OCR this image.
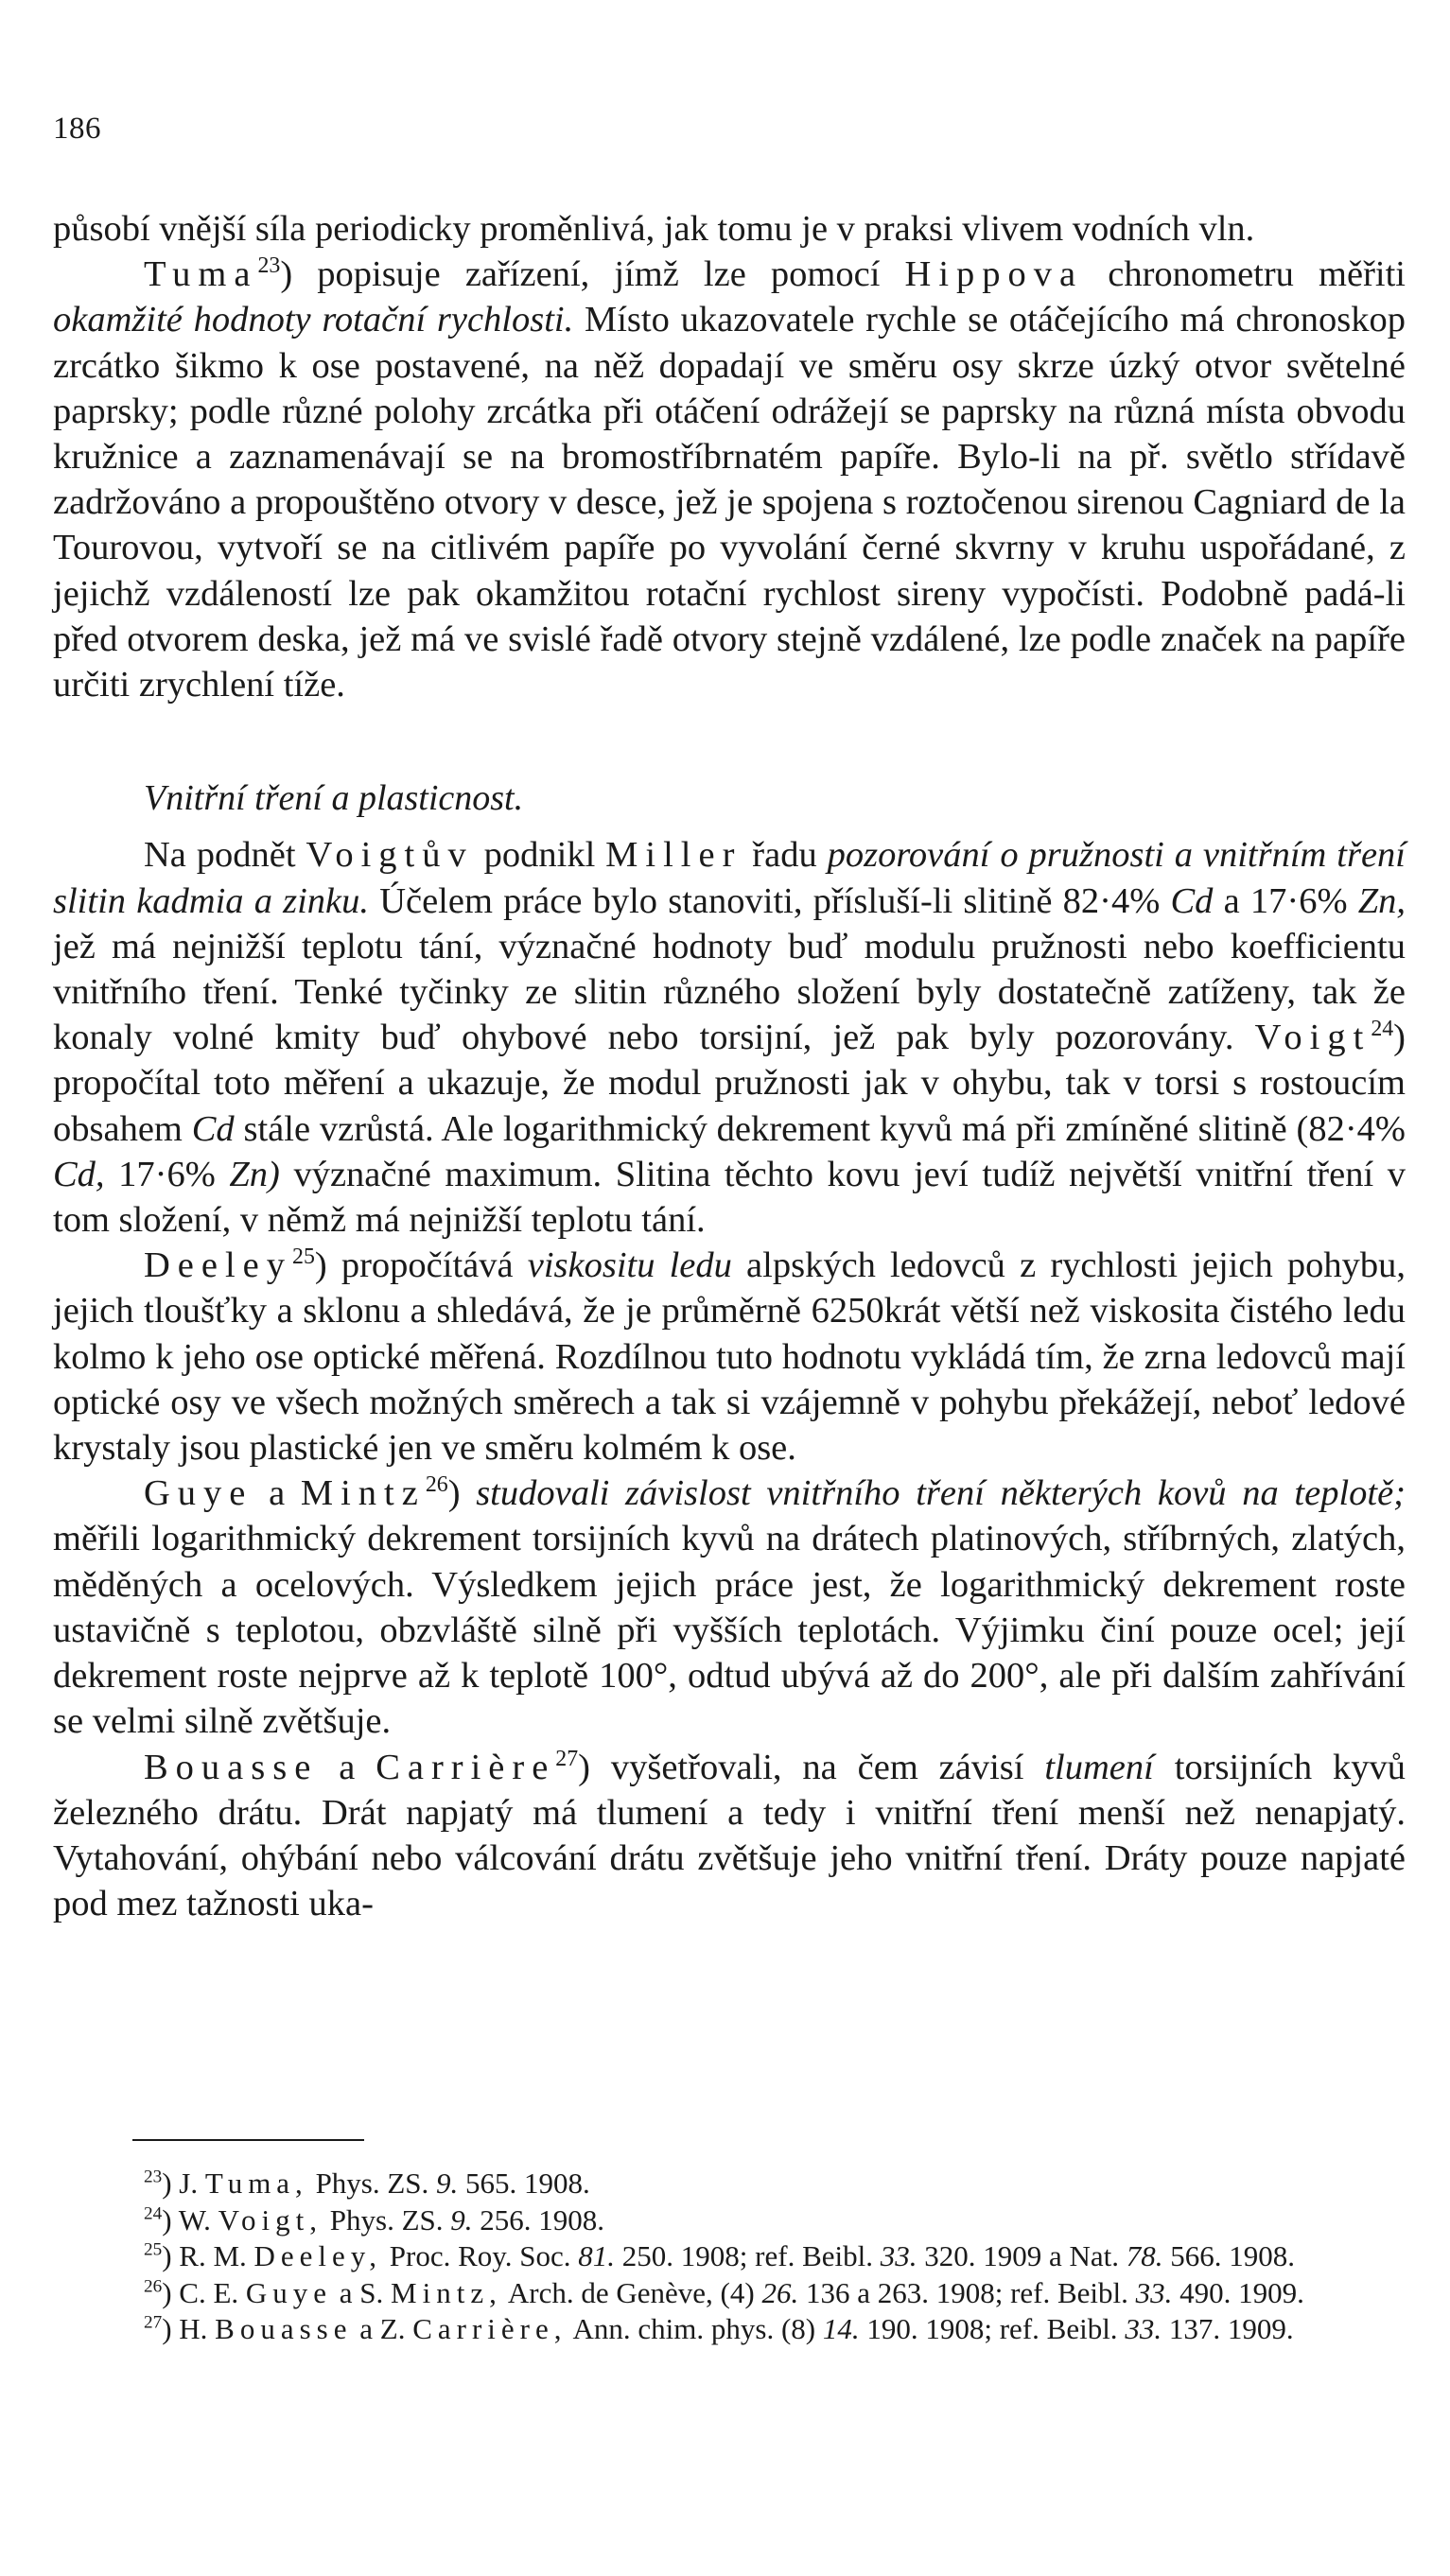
186

působí vnější síla periodicky proměnlivá, jak tomu je v praksi vlivem vodních vln.

Tuma$^{23}$) popisuje zařízení, jímž lze pomocí Hippova chronometru měřiti okamžité hodnoty rotační rychlosti. Místo ukazovatele rychle se otáčejícího má chronoskop zrcátko šikmo k ose postavené, na něž dopadají ve směru osy skrze úzký otvor světelné paprsky; podle různé polohy zrcátka při otáčení odrážejí se paprsky na různá místa obvodu kružnice a zaznamenávají se na bromostříbrnatém papíře. Bylo-li na př. světlo střídavě zadržováno a propouštěno otvory v desce, jež je spojena s roztočenou sirenou Cagniard de la Tourovou, vytvoří se na citlivém papíře po vyvolání černé skvrny v kruhu uspořádané, z jejichž vzdáleností lze pak okamžitou rotační rychlost sireny vypočísti. Podobně padá-li před otvorem deska, jež má ve svislé řadě otvory stejně vzdálené, lze podle značek na papíře určiti zrychlení tíže.

Vnitřní tření a plasticnost.

Na podnět Voigtův podnikl Miller řadu pozorování o pružnosti a vnitřním tření slitin kadmia a zinku. Účelem práce bylo stanoviti, přísluší-li slitině 82·4% Cd a 17·6% Zn, jež má nejnižší teplotu tání, význačné hodnoty buď modulu pružnosti nebo koefficientu vnitřního tření. Tenké tyčinky ze slitin různého složení byly dostatečně zatíženy, tak že konaly volné kmity buď ohybové nebo torsijní, jež pak byly pozorovány. Voigt$^{24}$) propočítal toto měření a ukazuje, že modul pružnosti jak v ohybu, tak v torsi s rostoucím obsahem Cd stále vzrůstá. Ale logarithmický dekrement kyvů má při zmíněné slitině (82·4% Cd, 17·6% Zn) význačné maximum. Slitina těchto kovu jeví tudíž největší vnitřní tření v tom složení, v němž má nejnižší teplotu tání.

Deeley$^{25}$) propočítává viskositu ledu alpských ledovců z rychlosti jejich pohybu, jejich tloušťky a sklonu a shledává, že je průměrně 6250krát větší než viskosita čistého ledu kolmo k jeho ose optické měřená. Rozdílnou tuto hodnotu vykládá tím, že zrna ledovců mají optické osy ve všech možných směrech a tak si vzájemně v pohybu překážejí, neboť ledové krystaly jsou plastické jen ve směru kolmém k ose.

Guye a Mintz$^{26}$) studovali závislost vnitřního tření některých kovů na teplotě; měřili logarithmický dekrement torsijních kyvů na drátech platinových, stříbrných, zlatých, měděných a ocelových. Výsledkem jejich práce jest, že logarithmický dekrement roste ustavičně s teplotou, obzvláště silně při vyšších teplotách. Výjimku činí pouze ocel; její dekrement roste nejprve až k teplotě 100°, odtud ubývá až do 200°, ale při dalším zahřívání se velmi silně zvětšuje.

Bouasse a Carrière$^{27}$) vyšetřovali, na čem závisí tlumení torsijních kyvů železného drátu. Drát napjatý má tlumení a tedy i vnitřní tření menší než nenapjatý. Vytahování, ohýbání nebo válcování drátu zvětšuje jeho vnitřní tření. Dráty pouze napjaté pod mez tažnosti uka-

$^{23}$) J. Tuma, Phys. ZS. 9. 565. 1908.

$^{24}$) W. Voigt, Phys. ZS. 9. 256. 1908.

$^{25}$) R. M. Deeley, Proc. Roy. Soc. 81. 250. 1908; ref. Beibl. 33. 320. 1909 a Nat. 78. 566. 1908.

$^{26}$) C. E. Guye a S. Mintz, Arch. de Genève, (4) 26. 136 a 263. 1908; ref. Beibl. 33. 490. 1909.

$^{27}$) H. Bouasse a Z. Carrière, Ann. chim. phys. (8) 14. 190. 1908; ref. Beibl. 33. 137. 1909.
